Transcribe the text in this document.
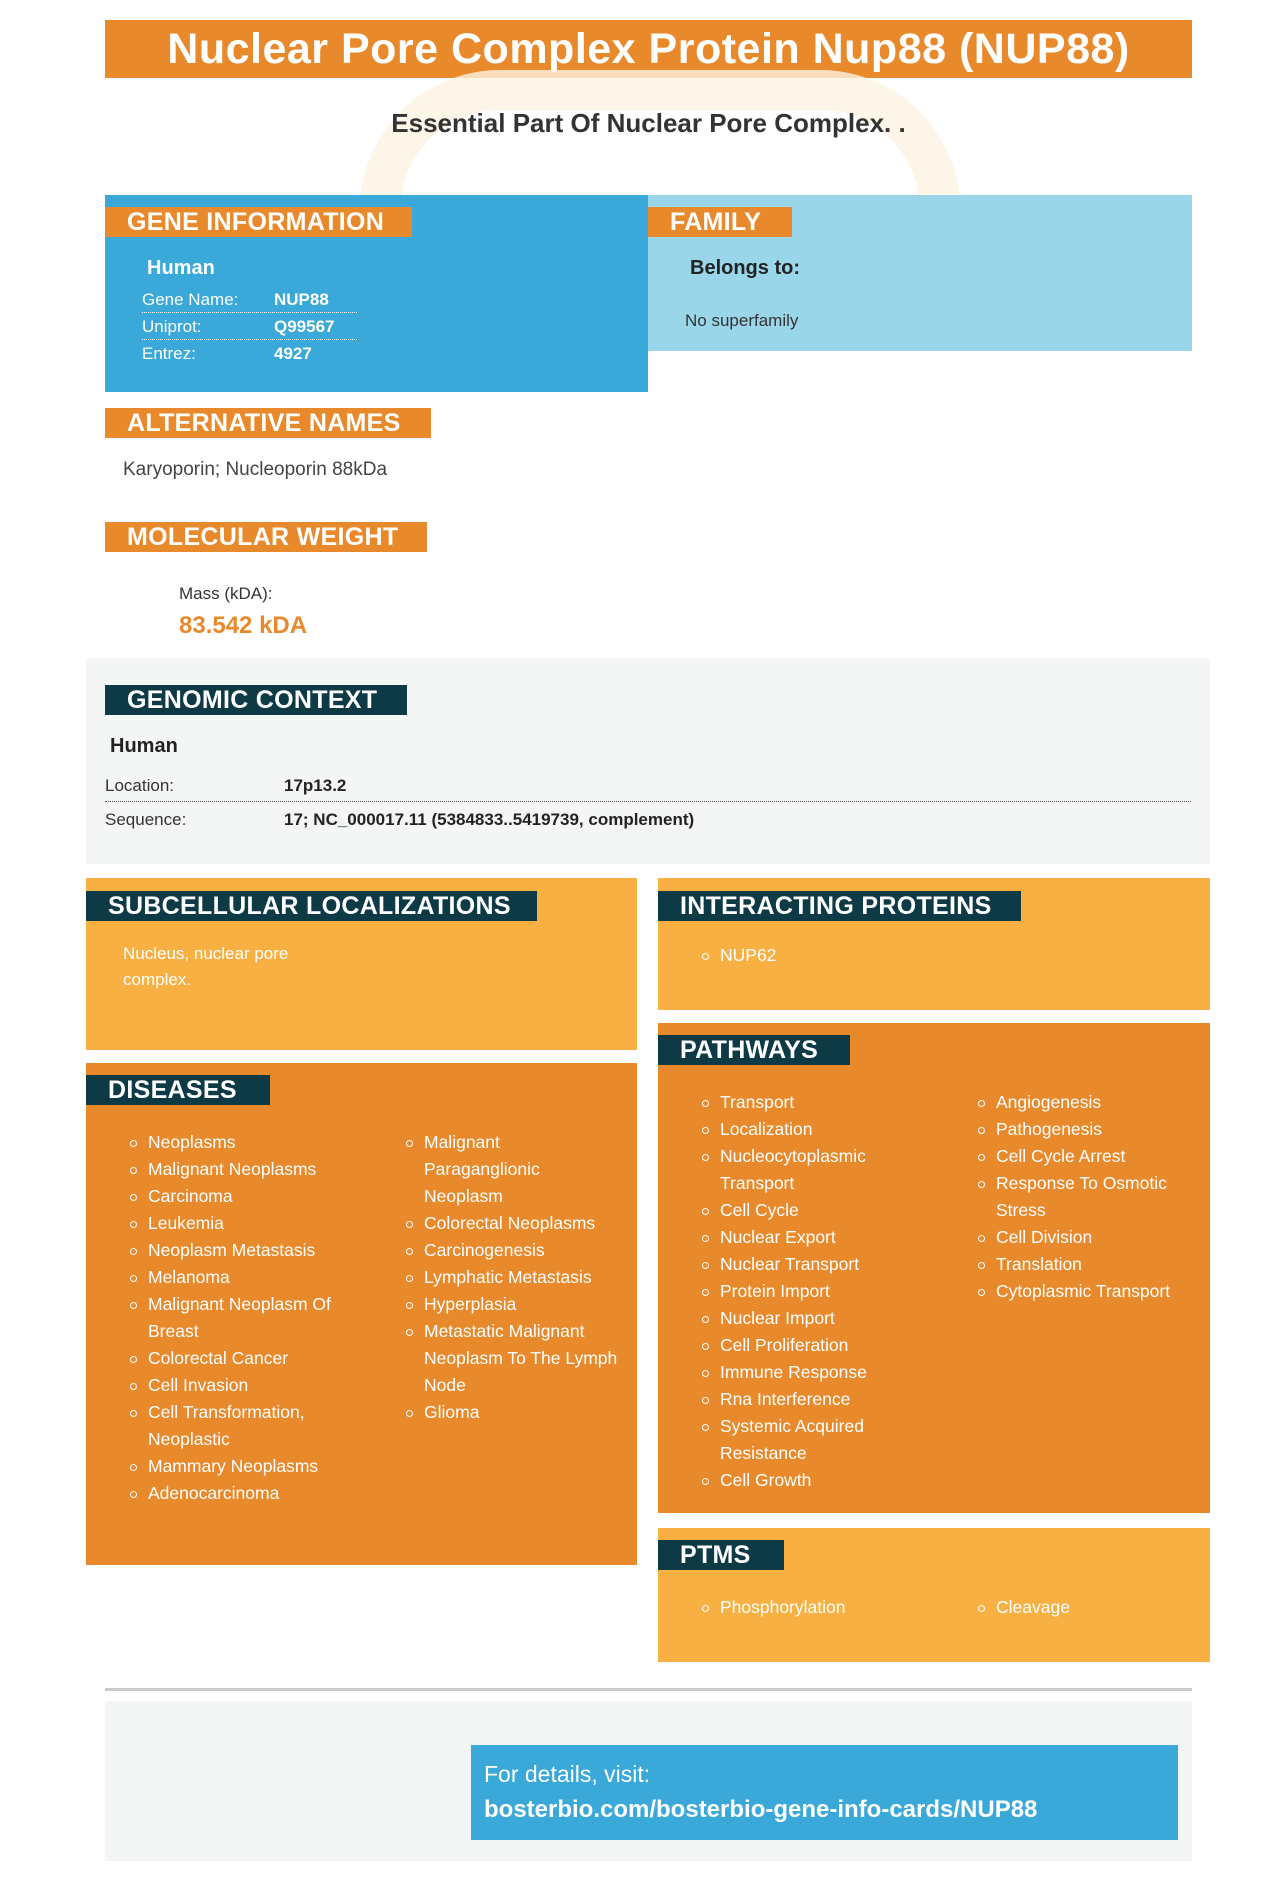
Nuclear Pore Complex Protein Nup88 (NUP88)
Essential Part Of Nuclear Pore Complex. .
GENE INFORMATION
Human
Gene Name: NUP88
Uniprot:	Q99567
Entrez:	4927
FAMILY
Belongs to:
No superfamily
ALTERNATIVE NAMES
Karyoporin; Nucleoporin 88kDa
MOLECULAR WEIGHT
Mass (kDA):
83.542 kDA
GENOMIC CONTEXT
Human
Location:	17p13.2
Sequence:	17; NC_000017.11 (5384833..5419739, complement)
SUBCELLULAR LOCALIZATIONS
Nucleus, nuclear pore
complex.
INTERACTING PROTEINS
NUP62
DISEASES
Neoplasms
Malignant Neoplasms
Carcinoma
Leukemia
Neoplasm Metastasis
Melanoma
Malignant Neoplasm Of Breast
Colorectal Cancer
Cell Invasion
Cell Transformation, Neoplastic
Mammary Neoplasms
Adenocarcinoma
Malignant Paraganglionic Neoplasm
Colorectal Neoplasms
Carcinogenesis
Lymphatic Metastasis
Hyperplasia
Metastatic Malignant Neoplasm To The Lymph Node
Glioma
PATHWAYS
Transport
Localization
Nucleocytoplasmic Transport
Cell Cycle
Nuclear Export
Nuclear Transport
Protein Import
Nuclear Import
Cell Proliferation
Immune Response
Rna Interference
Systemic Acquired Resistance
Cell Growth
Angiogenesis
Pathogenesis
Cell Cycle Arrest
Response To Osmotic Stress
Cell Division
Translation
Cytoplasmic Transport
PTMS
Phosphorylation	Cleavage
For details, visit:
bosterbio.com/bosterbio-gene-info-cards/NUP88
